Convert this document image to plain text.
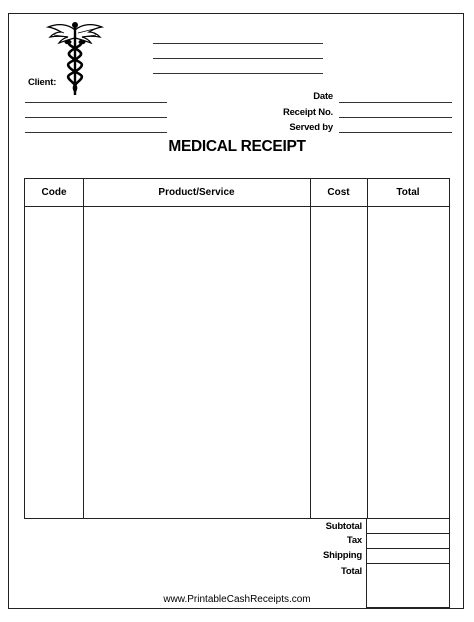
Client:
Date
Receipt No.
Served by
MEDICAL RECEIPT
Code	Product/Service	Cost	Total
Subtotal
Tax
Shipping
Total
www.PrintableCashReceipts.com
